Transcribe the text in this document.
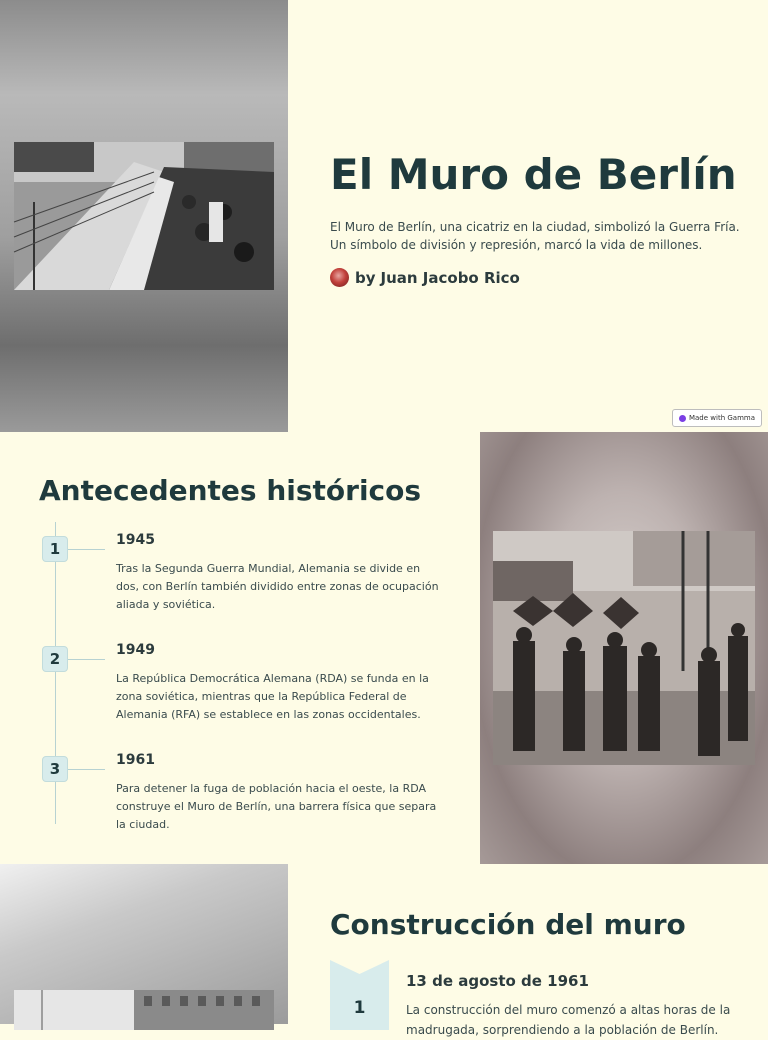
El Muro de Berlín

El Muro de Berlín, una cicatriz en la ciudad, simbolizó la Guerra Fría. Un símbolo de división y represión, marcó la vida de millones.

by Juan Jacobo Rico
Made with Gamma
Antecedentes históricos
1	1945
Tras la Segunda Guerra Mundial, Alemania se divide en dos, con Berlín también dividido entre zonas de ocupación aliada y soviética.
2	1949
La República Democrática Alemana (RDA) se funda en la zona soviética, mientras que la República Federal de Alemania (RFA) se establece en las zonas occidentales.
3	1961
Para detener la fuga de población hacia el oeste, la RDA construye el Muro de Berlín, una barrera física que separa la ciudad.
Construcción del muro
1
13 de agosto de 1961
La construcción del muro comenzó a altas horas de la madrugada, sorprendiendo a la población de Berlín.
